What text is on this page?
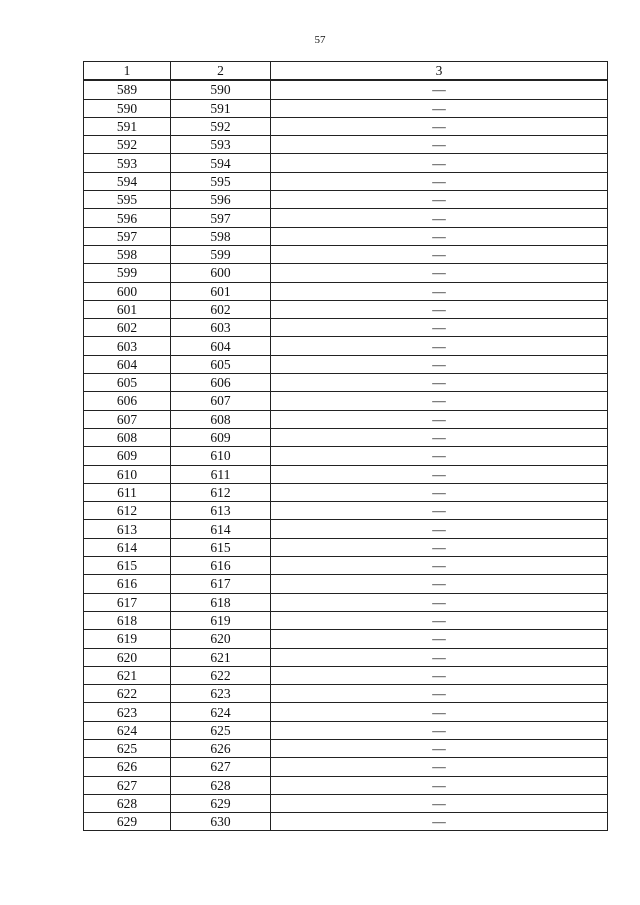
57
1	2	3
589	590	—
590	591	—
591	592	—
592	593	—
593	594	—
594	595	—
595	596	—
596	597	—
597	598	—
598	599	—
599	600	—
600	601	—
601	602	—
602	603	—
603	604	—
604	605	—
605	606	—
606	607	—
607	608	—
608	609	—
609	610	—
610	611	—
611	612	—
612	613	—
613	614	—
614	615	—
615	616	—
616	617	—
617	618	—
618	619	—
619	620	—
620	621	—
621	622	—
622	623	—
623	624	—
624	625	—
625	626	—
626	627	—
627	628	—
628	629	—
629	630	—
